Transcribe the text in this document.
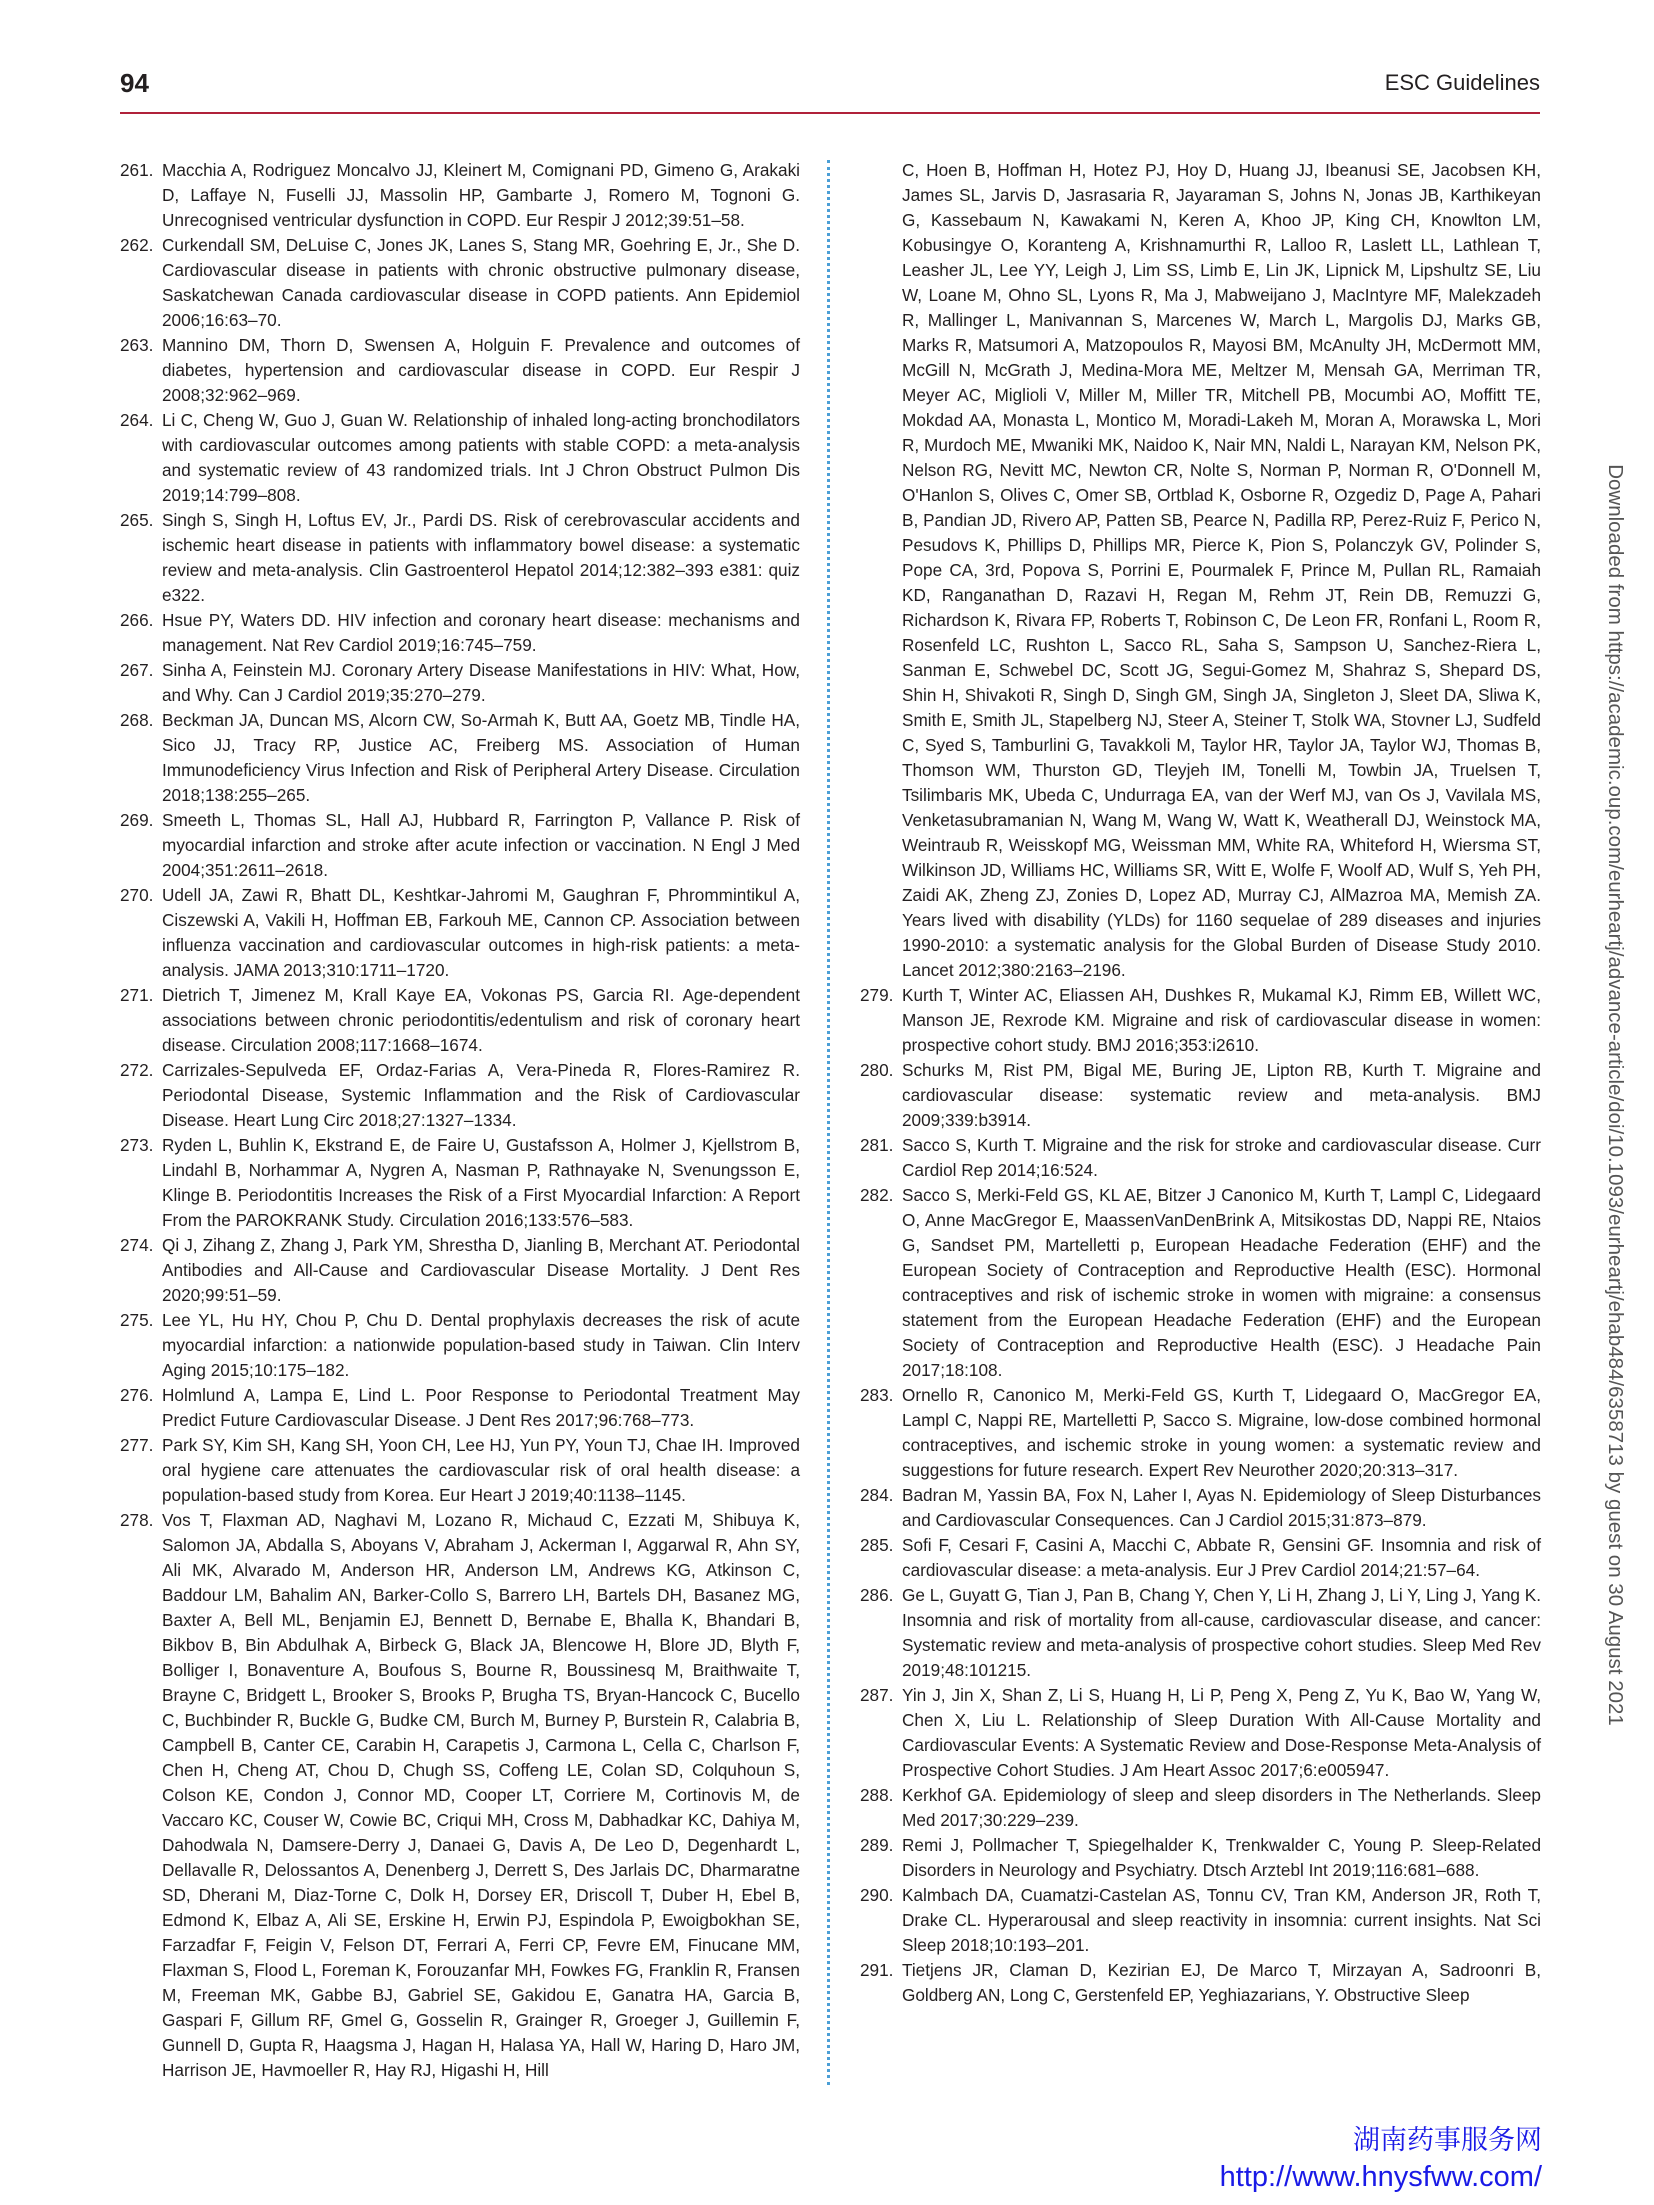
94	ESC Guidelines
261. Macchia A, Rodriguez Moncalvo JJ, Kleinert M, Comignani PD, Gimeno G, Arakaki D, Laffaye N, Fuselli JJ, Massolin HP, Gambarte J, Romero M, Tognoni G. Unrecognised ventricular dysfunction in COPD. Eur Respir J 2012;39:51–58.
262. Curkendall SM, DeLuise C, Jones JK, Lanes S, Stang MR, Goehring E, Jr., She D. Cardiovascular disease in patients with chronic obstructive pulmonary disease, Saskatchewan Canada cardiovascular disease in COPD patients. Ann Epidemiol 2006;16:63–70.
263. Mannino DM, Thorn D, Swensen A, Holguin F. Prevalence and outcomes of diabetes, hypertension and cardiovascular disease in COPD. Eur Respir J 2008;32:962–969.
264. Li C, Cheng W, Guo J, Guan W. Relationship of inhaled long-acting bronchodilators with cardiovascular outcomes among patients with stable COPD: a meta-analysis and systematic review of 43 randomized trials. Int J Chron Obstruct Pulmon Dis 2019;14:799–808.
265. Singh S, Singh H, Loftus EV, Jr., Pardi DS. Risk of cerebrovascular accidents and ischemic heart disease in patients with inflammatory bowel disease: a systematic review and meta-analysis. Clin Gastroenterol Hepatol 2014;12:382–393 e381: quiz e322.
266. Hsue PY, Waters DD. HIV infection and coronary heart disease: mechanisms and management. Nat Rev Cardiol 2019;16:745–759.
267. Sinha A, Feinstein MJ. Coronary Artery Disease Manifestations in HIV: What, How, and Why. Can J Cardiol 2019;35:270–279.
268. Beckman JA, Duncan MS, Alcorn CW, So-Armah K, Butt AA, Goetz MB, Tindle HA, Sico JJ, Tracy RP, Justice AC, Freiberg MS. Association of Human Immunodeficiency Virus Infection and Risk of Peripheral Artery Disease. Circulation 2018;138:255–265.
269. Smeeth L, Thomas SL, Hall AJ, Hubbard R, Farrington P, Vallance P. Risk of myocardial infarction and stroke after acute infection or vaccination. N Engl J Med 2004;351:2611–2618.
270. Udell JA, Zawi R, Bhatt DL, Keshtkar-Jahromi M, Gaughran F, Phrommintikul A, Ciszewski A, Vakili H, Hoffman EB, Farkouh ME, Cannon CP. Association between influenza vaccination and cardiovascular outcomes in high-risk patients: a meta-analysis. JAMA 2013;310:1711–1720.
271. Dietrich T, Jimenez M, Krall Kaye EA, Vokonas PS, Garcia RI. Age-dependent associations between chronic periodontitis/edentulism and risk of coronary heart disease. Circulation 2008;117:1668–1674.
272. Carrizales-Sepulveda EF, Ordaz-Farias A, Vera-Pineda R, Flores-Ramirez R. Periodontal Disease, Systemic Inflammation and the Risk of Cardiovascular Disease. Heart Lung Circ 2018;27:1327–1334.
273. Ryden L, Buhlin K, Ekstrand E, de Faire U, Gustafsson A, Holmer J, Kjellstrom B, Lindahl B, Norhammar A, Nygren A, Nasman P, Rathnayake N, Svenungsson E, Klinge B. Periodontitis Increases the Risk of a First Myocardial Infarction: A Report From the PAROKRANK Study. Circulation 2016;133:576–583.
274. Qi J, Zihang Z, Zhang J, Park YM, Shrestha D, Jianling B, Merchant AT. Periodontal Antibodies and All-Cause and Cardiovascular Disease Mortality. J Dent Res 2020;99:51–59.
275. Lee YL, Hu HY, Chou P, Chu D. Dental prophylaxis decreases the risk of acute myocardial infarction: a nationwide population-based study in Taiwan. Clin Interv Aging 2015;10:175–182.
276. Holmlund A, Lampa E, Lind L. Poor Response to Periodontal Treatment May Predict Future Cardiovascular Disease. J Dent Res 2017;96:768–773.
277. Park SY, Kim SH, Kang SH, Yoon CH, Lee HJ, Yun PY, Youn TJ, Chae IH. Improved oral hygiene care attenuates the cardiovascular risk of oral health disease: a population-based study from Korea. Eur Heart J 2019;40:1138–1145.
278. Vos T, Flaxman AD, Naghavi M, Lozano R, Michaud C, Ezzati M, Shibuya K, Salomon JA, Abdalla S, Aboyans V, Abraham J, Ackerman I, Aggarwal R, Ahn SY, Ali MK, Alvarado M, Anderson HR, Anderson LM, Andrews KG, Atkinson C, Baddour LM, Bahalim AN, Barker-Collo S, Barrero LH, Bartels DH, Basanez MG, Baxter A, Bell ML, Benjamin EJ, Bennett D, Bernabe E, Bhalla K, Bhandari B, Bikbov B, Bin Abdulhak A, Birbeck G, Black JA, Blencowe H, Blore JD, Blyth F, Bolliger I, Bonaventure A, Boufous S, Bourne R, Boussinesq M, Braithwaite T, Brayne C, Bridgett L, Brooker S, Brooks P, Brugha TS, Bryan-Hancock C, Bucello C, Buchbinder R, Buckle G, Budke CM, Burch M, Burney P, Burstein R, Calabria B, Campbell B, Canter CE, Carabin H, Carapetis J, Carmona L, Cella C, Charlson F, Chen H, Cheng AT, Chou D, Chugh SS, Coffeng LE, Colan SD, Colquhoun S, Colson KE, Condon J, Connor MD, Cooper LT, Corriere M, Cortinovis M, de Vaccaro KC, Couser W, Cowie BC, Criqui MH, Cross M, Dabhadkar KC, Dahiya M, Dahodwala N, Damsere-Derry J, Danaei G, Davis A, De Leo D, Degenhardt L, Dellavalle R, Delossantos A, Denenberg J, Derrett S, Des Jarlais DC, Dharmaratne SD, Dherani M, Diaz-Torne C, Dolk H, Dorsey ER, Driscoll T, Duber H, Ebel B, Edmond K, Elbaz A, Ali SE, Erskine H, Erwin PJ, Espindola P, Ewoigbokhan SE, Farzadfar F, Feigin V, Felson DT, Ferrari A, Ferri CP, Fevre EM, Finucane MM, Flaxman S, Flood L, Foreman K, Forouzanfar MH, Fowkes FG, Franklin R, Fransen M, Freeman MK, Gabbe BJ, Gabriel SE, Gakidou E, Ganatra HA, Garcia B, Gaspari F, Gillum RF, Gmel G, Gosselin R, Grainger R, Groeger J, Guillemin F, Gunnell D, Gupta R, Haagsma J, Hagan H, Halasa YA, Hall W, Haring D, Haro JM, Harrison JE, Havmoeller R, Hay RJ, Higashi H, Hill
C, Hoen B, Hoffman H, Hotez PJ, Hoy D, Huang JJ, Ibeanusi SE, Jacobsen KH, James SL, Jarvis D, Jasrasaria R, Jayaraman S, Johns N, Jonas JB, Karthikeyan G, Kassebaum N, Kawakami N, Keren A, Khoo JP, King CH, Knowlton LM, Kobusingye O, Koranteng A, Krishnamurthi R, Lalloo R, Laslett LL, Lathlean T, Leasher JL, Lee YY, Leigh J, Lim SS, Limb E, Lin JK, Lipnick M, Lipshultz SE, Liu W, Loane M, Ohno SL, Lyons R, Ma J, Mabweijano J, MacIntyre MF, Malekzadeh R, Mallinger L, Manivannan S, Marcenes W, March L, Margolis DJ, Marks GB, Marks R, Matsumori A, Matzopoulos R, Mayosi BM, McAnulty JH, McDermott MM, McGill N, McGrath J, Medina-Mora ME, Meltzer M, Mensah GA, Merriman TR, Meyer AC, Miglioli V, Miller M, Miller TR, Mitchell PB, Mocumbi AO, Moffitt TE, Mokdad AA, Monasta L, Montico M, Moradi-Lakeh M, Moran A, Morawska L, Mori R, Murdoch ME, Mwaniki MK, Naidoo K, Nair MN, Naldi L, Narayan KM, Nelson PK, Nelson RG, Nevitt MC, Newton CR, Nolte S, Norman P, Norman R, O'Donnell M, O'Hanlon S, Olives C, Omer SB, Ortblad K, Osborne R, Ozgediz D, Page A, Pahari B, Pandian JD, Rivero AP, Patten SB, Pearce N, Padilla RP, Perez-Ruiz F, Perico N, Pesudovs K, Phillips D, Phillips MR, Pierce K, Pion S, Polanczyk GV, Polinder S, Pope CA, 3rd, Popova S, Porrini E, Pourmalek F, Prince M, Pullan RL, Ramaiah KD, Ranganathan D, Razavi H, Regan M, Rehm JT, Rein DB, Remuzzi G, Richardson K, Rivara FP, Roberts T, Robinson C, De Leon FR, Ronfani L, Room R, Rosenfeld LC, Rushton L, Sacco RL, Saha S, Sampson U, Sanchez-Riera L, Sanman E, Schwebel DC, Scott JG, Segui-Gomez M, Shahraz S, Shepard DS, Shin H, Shivakoti R, Singh D, Singh GM, Singh JA, Singleton J, Sleet DA, Sliwa K, Smith E, Smith JL, Stapelberg NJ, Steer A, Steiner T, Stolk WA, Stovner LJ, Sudfeld C, Syed S, Tamburlini G, Tavakkoli M, Taylor HR, Taylor JA, Taylor WJ, Thomas B, Thomson WM, Thurston GD, Tleyjeh IM, Tonelli M, Towbin JA, Truelsen T, Tsilimbaris MK, Ubeda C, Undurraga EA, van der Werf MJ, van Os J, Vavilala MS, Venketasubramanian N, Wang M, Wang W, Watt K, Weatherall DJ, Weinstock MA, Weintraub R, Weisskopf MG, Weissman MM, White RA, Whiteford H, Wiersma ST, Wilkinson JD, Williams HC, Williams SR, Witt E, Wolfe F, Woolf AD, Wulf S, Yeh PH, Zaidi AK, Zheng ZJ, Zonies D, Lopez AD, Murray CJ, AlMazroa MA, Memish ZA. Years lived with disability (YLDs) for 1160 sequelae of 289 diseases and injuries 1990-2010: a systematic analysis for the Global Burden of Disease Study 2010. Lancet 2012;380:2163–2196.
279. Kurth T, Winter AC, Eliassen AH, Dushkes R, Mukamal KJ, Rimm EB, Willett WC, Manson JE, Rexrode KM. Migraine and risk of cardiovascular disease in women: prospective cohort study. BMJ 2016;353:i2610.
280. Schurks M, Rist PM, Bigal ME, Buring JE, Lipton RB, Kurth T. Migraine and cardiovascular disease: systematic review and meta-analysis. BMJ 2009;339:b3914.
281. Sacco S, Kurth T. Migraine and the risk for stroke and cardiovascular disease. Curr Cardiol Rep 2014;16:524.
282. Sacco S, Merki-Feld GS, KL AE, Bitzer J Canonico M, Kurth T, Lampl C, Lidegaard O, Anne MacGregor E, MaassenVanDenBrink A, Mitsikostas DD, Nappi RE, Ntaios G, Sandset PM, Martelletti p, European Headache Federation (EHF) and the European Society of Contraception and Reproductive Health (ESC). Hormonal contraceptives and risk of ischemic stroke in women with migraine: a consensus statement from the European Headache Federation (EHF) and the European Society of Contraception and Reproductive Health (ESC). J Headache Pain 2017;18:108.
283. Ornello R, Canonico M, Merki-Feld GS, Kurth T, Lidegaard O, MacGregor EA, Lampl C, Nappi RE, Martelletti P, Sacco S. Migraine, low-dose combined hormonal contraceptives, and ischemic stroke in young women: a systematic review and suggestions for future research. Expert Rev Neurother 2020;20:313–317.
284. Badran M, Yassin BA, Fox N, Laher I, Ayas N. Epidemiology of Sleep Disturbances and Cardiovascular Consequences. Can J Cardiol 2015;31:873–879.
285. Sofi F, Cesari F, Casini A, Macchi C, Abbate R, Gensini GF. Insomnia and risk of cardiovascular disease: a meta-analysis. Eur J Prev Cardiol 2014;21:57–64.
286. Ge L, Guyatt G, Tian J, Pan B, Chang Y, Chen Y, Li H, Zhang J, Li Y, Ling J, Yang K. Insomnia and risk of mortality from all-cause, cardiovascular disease, and cancer: Systematic review and meta-analysis of prospective cohort studies. Sleep Med Rev 2019;48:101215.
287. Yin J, Jin X, Shan Z, Li S, Huang H, Li P, Peng X, Peng Z, Yu K, Bao W, Yang W, Chen X, Liu L. Relationship of Sleep Duration With All-Cause Mortality and Cardiovascular Events: A Systematic Review and Dose-Response Meta-Analysis of Prospective Cohort Studies. J Am Heart Assoc 2017;6:e005947.
288. Kerkhof GA. Epidemiology of sleep and sleep disorders in The Netherlands. Sleep Med 2017;30:229–239.
289. Remi J, Pollmacher T, Spiegelhalder K, Trenkwalder C, Young P. Sleep-Related Disorders in Neurology and Psychiatry. Dtsch Arztebl Int 2019;116:681–688.
290. Kalmbach DA, Cuamatzi-Castelan AS, Tonnu CV, Tran KM, Anderson JR, Roth T, Drake CL. Hyperarousal and sleep reactivity in insomnia: current insights. Nat Sci Sleep 2018;10:193–201.
291. Tietjens JR, Claman D, Kezirian EJ, De Marco T, Mirzayan A, Sadroonri B, Goldberg AN, Long C, Gerstenfeld EP, Yeghiazarians, Y. Obstructive Sleep
Downloaded from https://academic.oup.com/eurheartj/advance-article/doi/10.1093/eurheartj/ehab484/6358713 by guest on 30 August 2021
湖南药事服务网
http://www.hnysfww.com/
